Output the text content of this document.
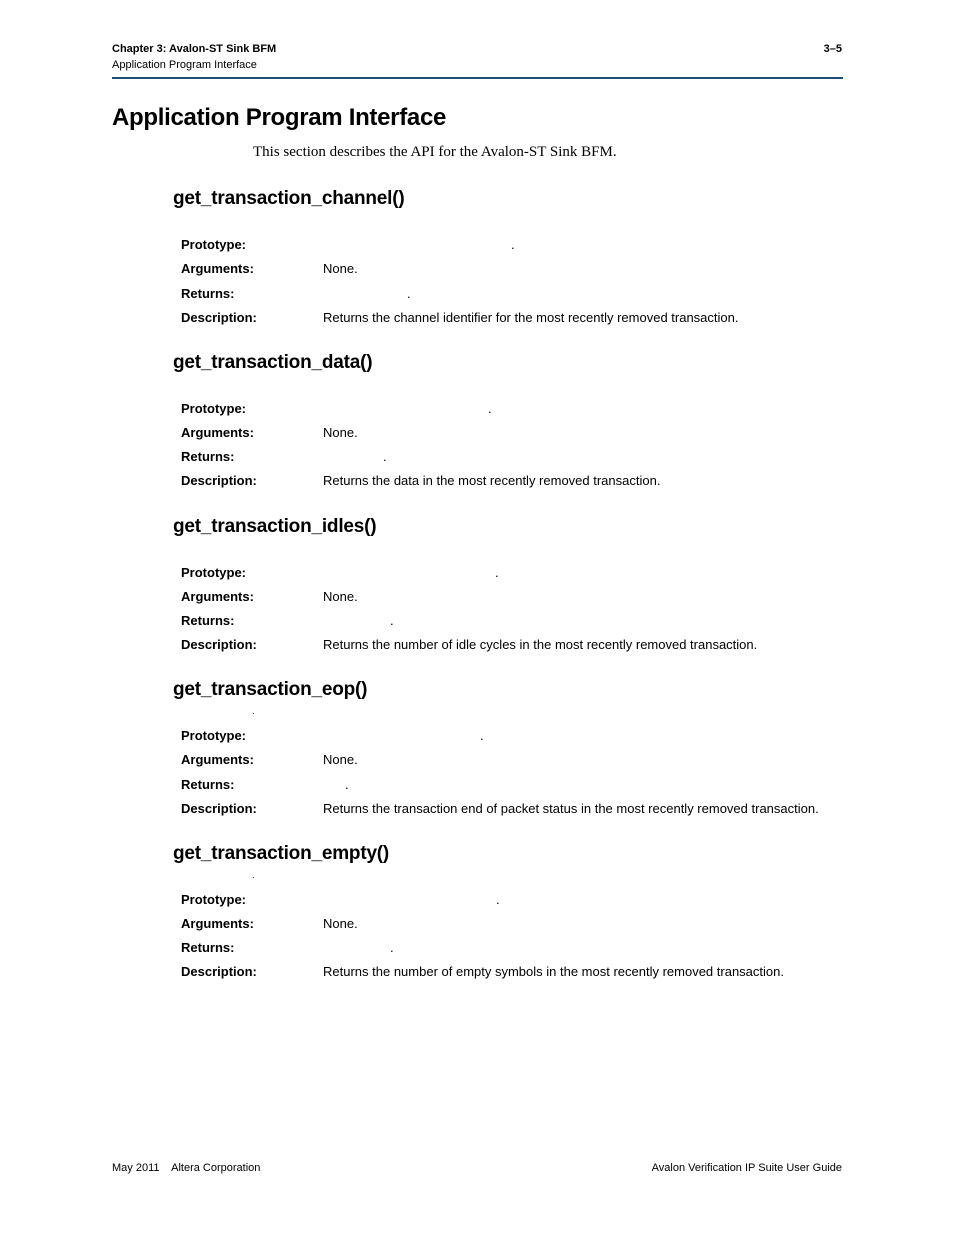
Chapter 3: Avalon-ST Sink BFM
Application Program Interface
3–5
Application Program Interface
This section describes the API for the Avalon-ST Sink BFM.
get_transaction_channel()
Prototype:	.
Arguments:	None.
Returns:	.
Description:	Returns the channel identifier for the most recently removed transaction.
get_transaction_data()
Prototype:	.
Arguments:	None.
Returns:	.
Description:	Returns the data in the most recently removed transaction.
get_transaction_idles()
Prototype:	.
Arguments:	None.
Returns:	.
Description:	Returns the number of idle cycles in the most recently removed transaction.
get_transaction_eop()
.
Prototype:	.
Arguments:	None.
Returns:	.
Description:	Returns the transaction end of packet status in the most recently removed transaction.
get_transaction_empty()
.
Prototype:	.
Arguments:	None.
Returns:	.
Description:	Returns the number of empty symbols in the most recently removed transaction.
May 2011    Altera Corporation	Avalon Verification IP Suite User Guide
